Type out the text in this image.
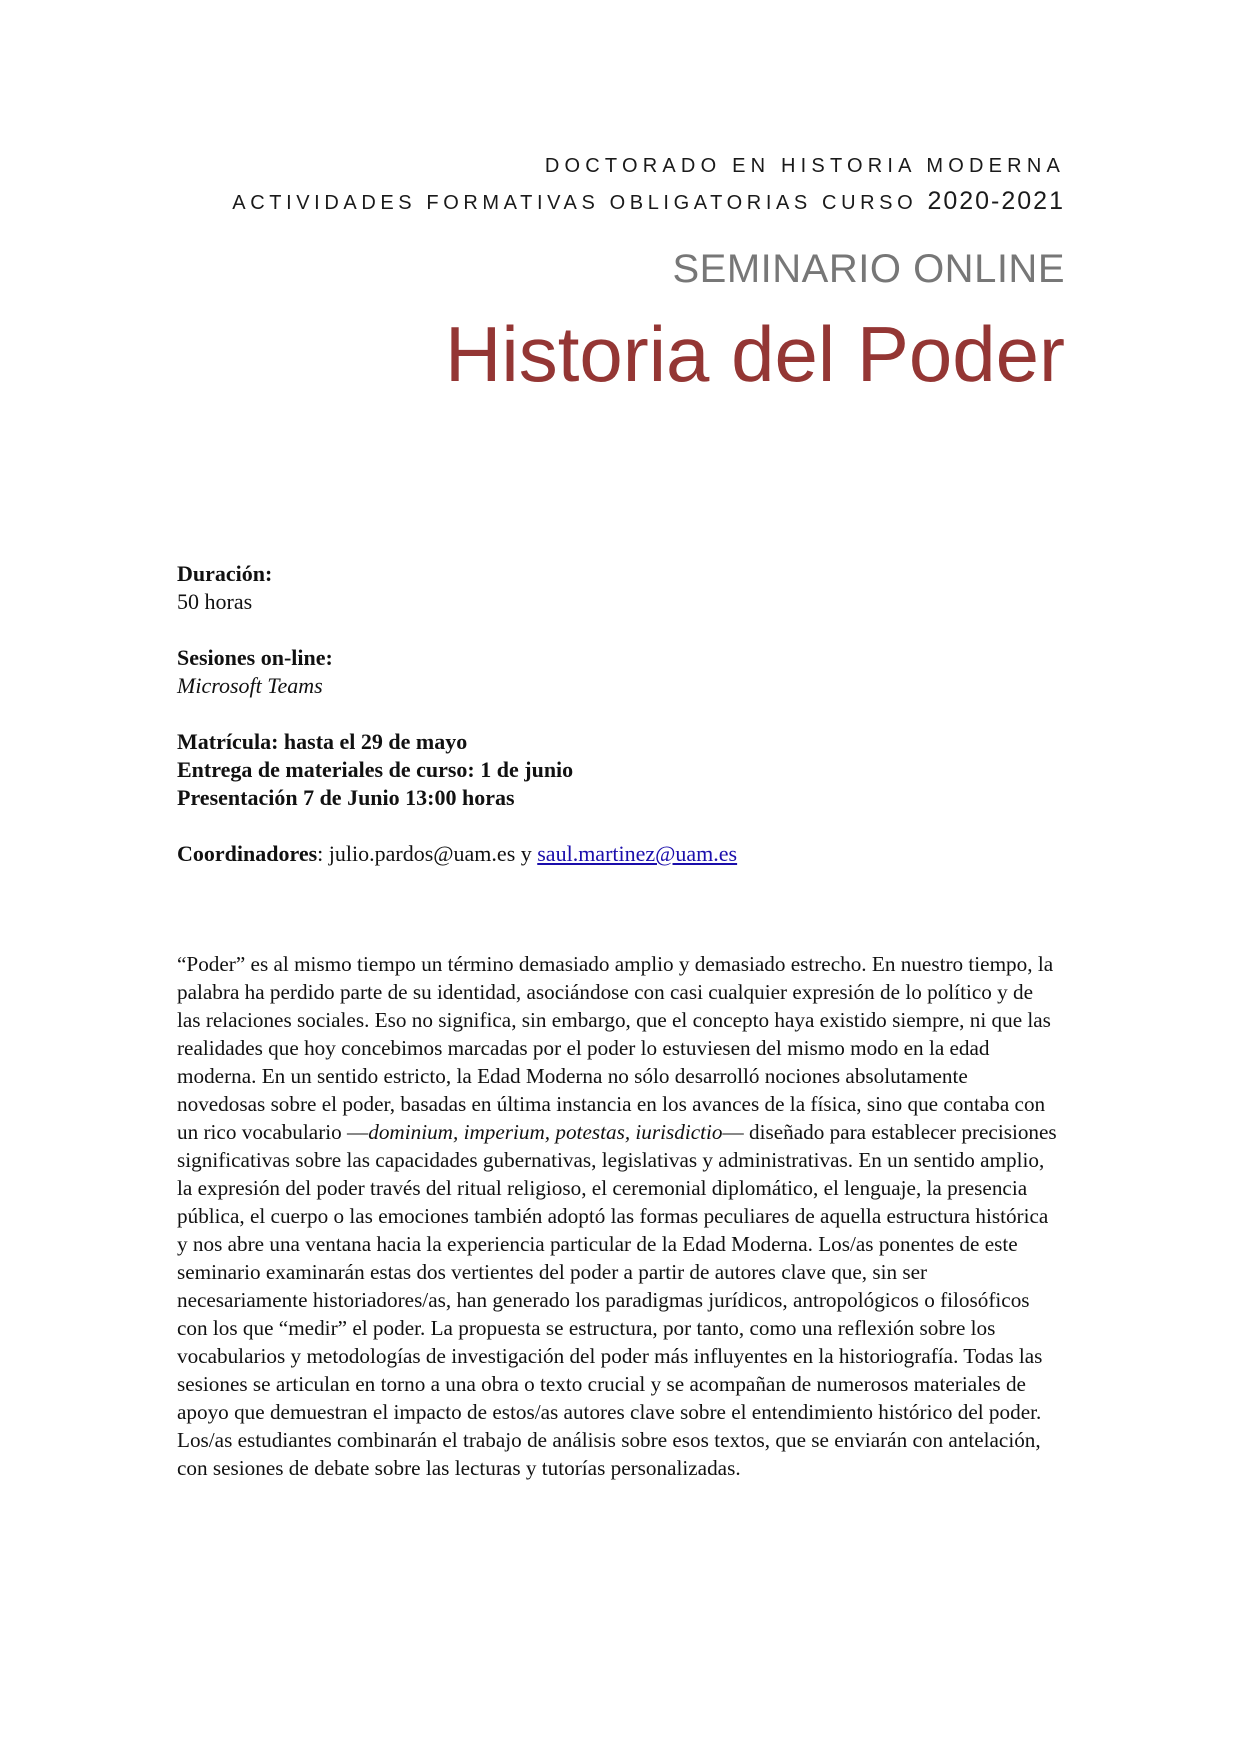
DOCTORADO EN HISTORIA MODERNA
ACTIVIDADES FORMATIVAS OBLIGATORIAS CURSO 2020-2021
SEMINARIO ONLINE
Historia del Poder

Duración:

50 horas

Sesiones on-line:

Microsoft Teams

Matrícula: hasta el 29 de mayo

Entrega de materiales de curso: 1 de junio

Presentación 7 de Junio 13:00 horas

Coordinadores: julio.pardos@uam.es y saul.martinez@uam.es

“Poder” es al mismo tiempo un término demasiado amplio y demasiado estrecho. En nuestro tiempo, la palabra ha perdido parte de su identidad, asociándose con casi cualquier expresión de lo político y de las relaciones sociales. Eso no significa, sin embargo, que el concepto haya existido siempre, ni que las realidades que hoy concebimos marcadas por el poder lo estuviesen del mismo modo en la edad moderna. En un sentido estricto, la Edad Moderna no sólo desarrolló nociones absolutamente novedosas sobre el poder, basadas en última instancia en los avances de la física, sino que contaba con un rico vocabulario —dominium, imperium, potestas, iurisdictio— diseñado para establecer precisiones significativas sobre las capacidades gubernativas, legislativas y administrativas. En un sentido amplio, la expresión del poder través del ritual religioso, el ceremonial diplomático, el lenguaje, la presencia pública, el cuerpo o las emociones también adoptó las formas peculiares de aquella estructura histórica y nos abre una ventana hacia la experiencia particular de la Edad Moderna. Los/as ponentes de este seminario examinarán estas dos vertientes del poder a partir de autores clave que, sin ser necesariamente historiadores/as, han generado los paradigmas jurídicos, antropológicos o filosóficos con los que “medir” el poder. La propuesta se estructura, por tanto, como una reflexión sobre los vocabularios y metodologías de investigación del poder más influyentes en la historiografía. Todas las sesiones se articulan en torno a una obra o texto crucial y se acompañan de numerosos materiales de apoyo que demuestran el impacto de estos/as autores clave sobre el entendimiento histórico del poder. Los/as estudiantes combinarán el trabajo de análisis sobre esos textos, que se enviarán con antelación, con sesiones de debate sobre las lecturas y tutorías personalizadas.
